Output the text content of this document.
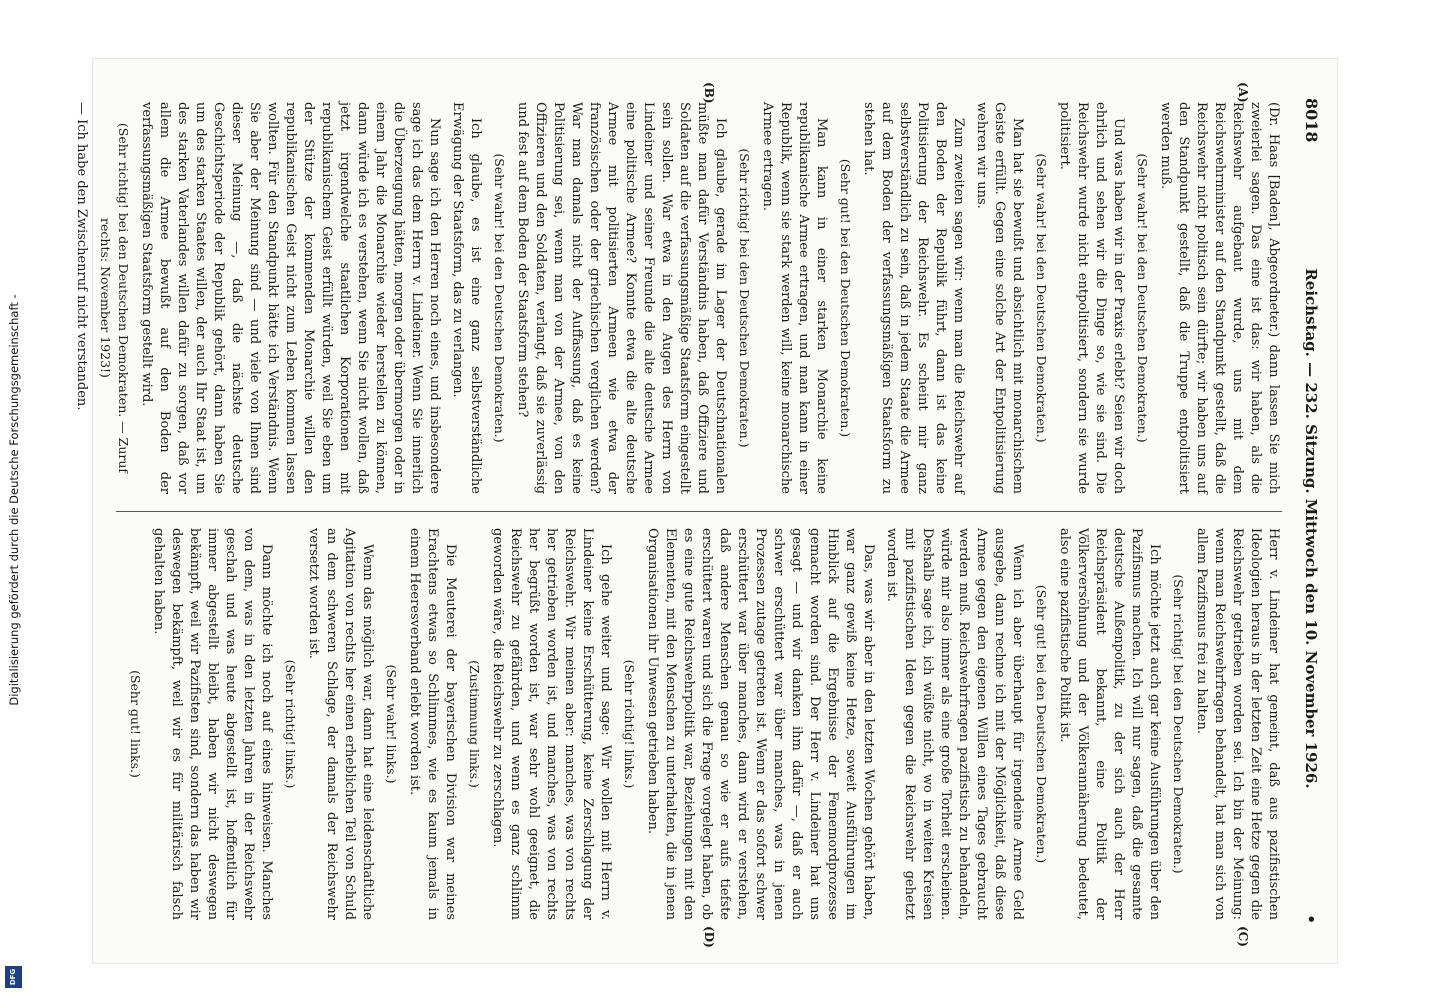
Digitalisierung gefördert durch die Deutsche Forschungsgemeinschaft -
DFG
8018
Reichstag. — 232. Sitzung. Mittwoch den 10. November 1926.
•
(A)
(B)
(C)
(D)

(Dr. Haas [Baden], Abgeordneter.) dann lassen Sie mich zweierlei sagen. Das eine ist das: wir haben, als die Reichswehr aufgebaut wurde, uns mit dem Reichswehrminister auf den Standpunkt gestellt, daß die Reichswehr nicht politisch sein dürfte; wir haben uns auf den Standpunkt gestellt, daß die Truppe entpolitisiert werden muß.

(Sehr wahr! bei den Deutschen Demokraten.)

Und was haben wir in der Praxis erlebt? Seien wir doch ehrlich und sehen wir die Dinge so, wie sie sind. Die Reichswehr wurde nicht entpolitisiert, sondern sie wurde politisiert.

(Sehr wahr! bei den Deutschen Demokraten.)

Man hat sie bewußt und absichtlich mit monarchischem Geiste erfüllt. Gegen eine solche Art der Entpolitisierung wehren wir uns.

Zum zweiten sagen wir: wenn man die Reichswehr auf den Boden der Republik führt, dann ist das keine Politisierung der Reichswehr. Es scheint mir ganz selbstverständlich zu sein, daß in jedem Staate die Armee auf dem Boden der verfassungsmäßigen Staatsform zu stehen hat.

(Sehr gut! bei den Deutschen Demokraten.)

Man kann in einer starken Monarchie keine republikanische Armee ertragen, und man kann in einer Republik, wenn sie stark werden will, keine monarchische Armee ertragen.

(Sehr richtig! bei den Deutschen Demokraten.)

Ich glaube, gerade im Lager der Deutschnationalen müßte man dafür Verständnis haben, daß Offiziere und Soldaten auf die verfassungsmäßige Staatsform eingestellt sein sollen. War etwa in den Augen des Herrn von Lindeiner und seiner Freunde die alte deutsche Armee eine politische Armee? Konnte etwa die alte deutsche Armee mit politisierten Armeen wie etwa der französischen oder der griechischen verglichen werden? War man damals nicht der Auffassung, daß es keine Politisierung sei, wenn man von der Armee, von den Offizieren und den Soldaten, verlangt, daß sie zuverlässig und fest auf dem Boden der Staatsform stehen?

(Sehr wahr! bei den Deutschen Demokraten.)

Ich glaube, es ist eine ganz selbstverständliche Erwägung der Staatsform, das zu verlangen.

Nun sage ich den Herren noch eines, und insbesondere sage ich das dem Herrn v. Lindeiner. Wenn Sie innerlich die Überzeugung hätten, morgen oder übermorgen oder in einem Jahr die Monarchie wieder herstellen zu können, dann würde ich es verstehen, wenn Sie nicht wollen, daß jetzt irgendwelche staatlichen Korporationen mit republikanischem Geist erfüllt würden, weil Sie eben um der Stütze der kommenden Monarchie willen den republikanischen Geist nicht zum Leben kommen lassen wollten. Für den Standpunkt hätte ich Verständnis. Wenn Sie aber der Meinung sind — und viele von Ihnen sind dieser Meinung —, daß die nächste deutsche Geschichtsperiode der Republik gehört, dann haben Sie um des starken Staates willen, der auch Ihr Staat ist, um des starken Vaterlandes willen dafür zu sorgen, daß vor allem die Armee bewußt auf den Boden der verfassungsmäßigen Staatsform gestellt wird.

(Sehr richtig! bei den Deutschen Demokraten. — Zuruf rechts: November 1923!)

— Ich habe den Zwischenruf nicht verstanden.

Herr v. Lindeiner hat gemeint, daß aus pazifistischen Ideologien heraus in der letzten Zeit eine Hetze gegen die Reichswehr getrieben worden sei. Ich bin der Meinung: wenn man Reichswehrfragen behandelt, hat man sich von allem Pazifismus frei zu halten.

(Sehr richtig! bei den Deutschen Demokraten.)

Ich möchte jetzt auch gar keine Ausführungen über den Pazifismus machen. Ich will nur sagen, daß die gesamte deutsche Außenpolitik, zu der sich auch der Herr Reichspräsident bekannt, eine Politik der Völkerversöhnung und der Völkerannäherung bedeutet, also eine pazifistische Politik ist.

(Sehr gut! bei den Deutschen Demokraten.)

Wenn ich aber überhaupt für irgendeine Armee Geld ausgebe, dann rechne ich mit der Möglichkeit, daß diese Armee gegen den eigenen Willen eines Tages gebraucht werden muß. Reichswehrfragen pazifistisch zu behandeln, würde mir also immer als eine große Torheit erscheinen. Deshalb sage ich, ich wüßte nicht, wo in weiten Kreisen mit pazifistischen Ideen gegen die Reichswehr gehetzt worden ist.

Das, was wir aber in den letzten Wochen gehört haben, war ganz gewiß keine Hetze, soweit Ausführungen im Hinblick auf die Ergebnisse der Fememordprozesse gemacht worden sind. Der Herr v. Lindeiner hat uns gesagt — und wir danken ihm dafür —, daß er auch schwer erschüttert war über manches, was in jenen Prozessen zutage getreten ist. Wenn er das sofort schwer erschüttert war über manches, dann wird er verstehen, daß andere Menschen genau so wie er aufs tiefste erschüttert waren und sich die Frage vorgelegt haben, ob es eine gute Reichswehrpolitik war, Beziehungen mit den Elementen, mit den Menschen zu unterhalten, die in jenen Organisationen ihr Unwesen getrieben haben.

(Sehr richtig! links.)

Ich gehe weiter und sage: Wir wollen mit Herrn v. Lindeiner keine Erschütterung, keine Zerschlagung der Reichswehr. Wir meinen aber: manches, was von rechts her getrieben worden ist, und manches, was von rechts her begrüßt worden ist, war sehr wohl geeignet, die Reichswehr zu gefährden, und wenn es ganz schlimm geworden wäre, die Reichswehr zu zerschlagen.

(Zustimmung links.)

Die Meuterei der bayerischen Division war meines Erachtens etwas so Schlimmes, wie es kaum jemals in einem Heeresverband erlebt worden ist.

(Sehr wahr! links.)

Wenn das möglich war, dann hat eine leidenschaftliche Agitation von rechts her einen erheblichen Teil von Schuld an dem schweren Schlage, der damals der Reichswehr versetzt worden ist.

(Sehr richtig! links.)

Dann möchte ich noch auf eines hinweisen. Manches von dem, was in den letzten Jahren in der Reichswehr geschah und was heute abgestellt ist, hoffentlich für immer abgestellt bleibt, haben wir nicht deswegen bekämpft, weil wir Pazifisten sind, sondern das haben wir deswegen bekämpft, weil wir es für militärisch falsch gehalten haben.

(Sehr gut! links.)
